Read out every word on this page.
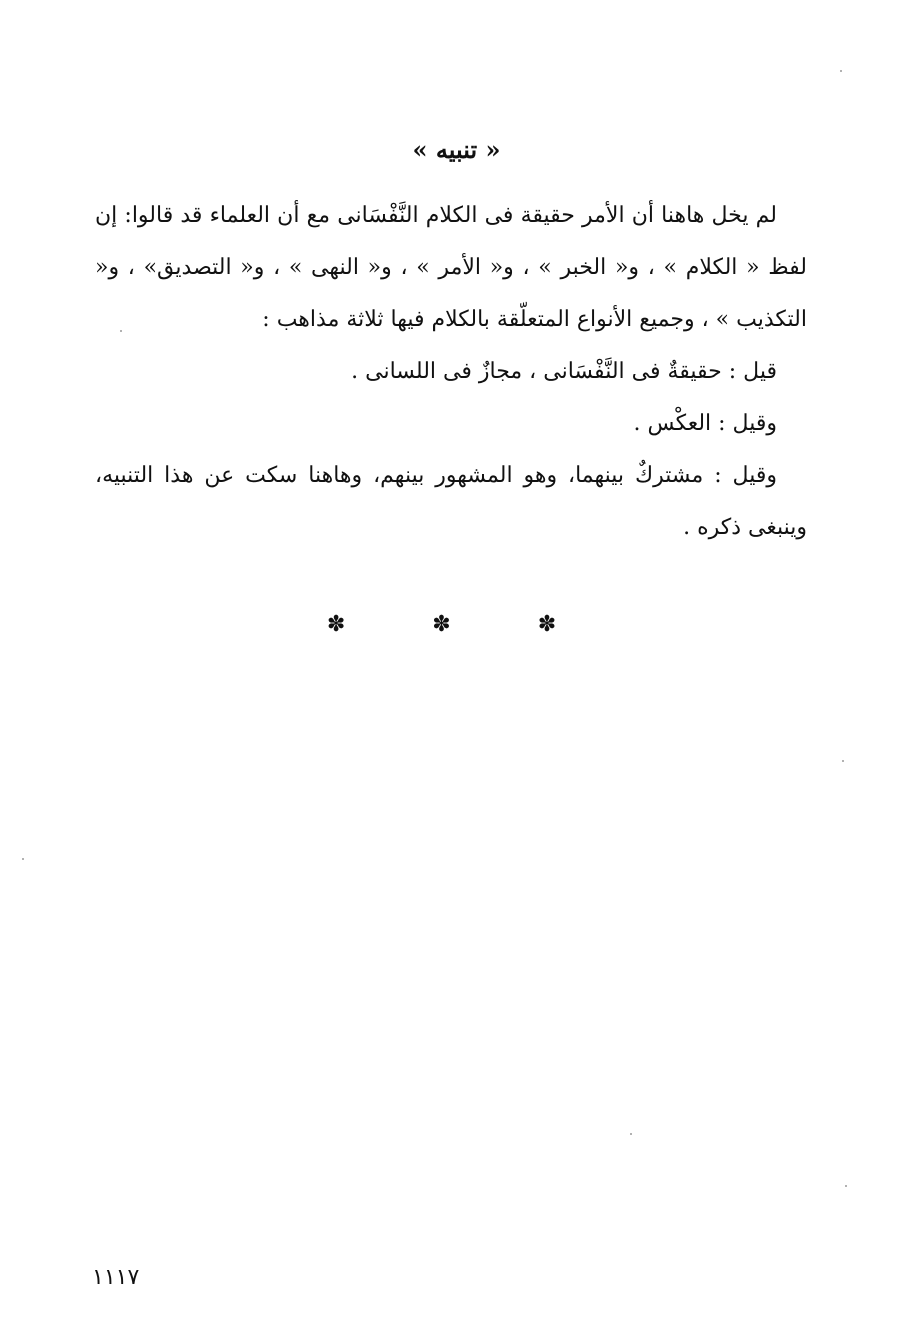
« تنبيه »

لم يخل هاهنا أن الأمر حقيقة فى الكلام النَّفْسَانى مع أن العلماء قد قالوا: إن لفظ « الكلام » ، و« الخبر » ، و« الأمر » ، و« النهى » ، و« التصديق» ، و« التكذيب » ، وجميع الأنواع المتعلّقة بالكلام فيها ثلاثة مذاهب :

قيل : حقيقةٌ فى النَّفْسَانى ، مجازٌ فى اللسانى .

وقيل : العكْس .

وقيل : مشتركٌ بينهما، وهو المشهور بينهم، وهاهنا سكت عن هذا التنبيه، وينبغى ذكره .

✽	✽	✽
١١١٧
